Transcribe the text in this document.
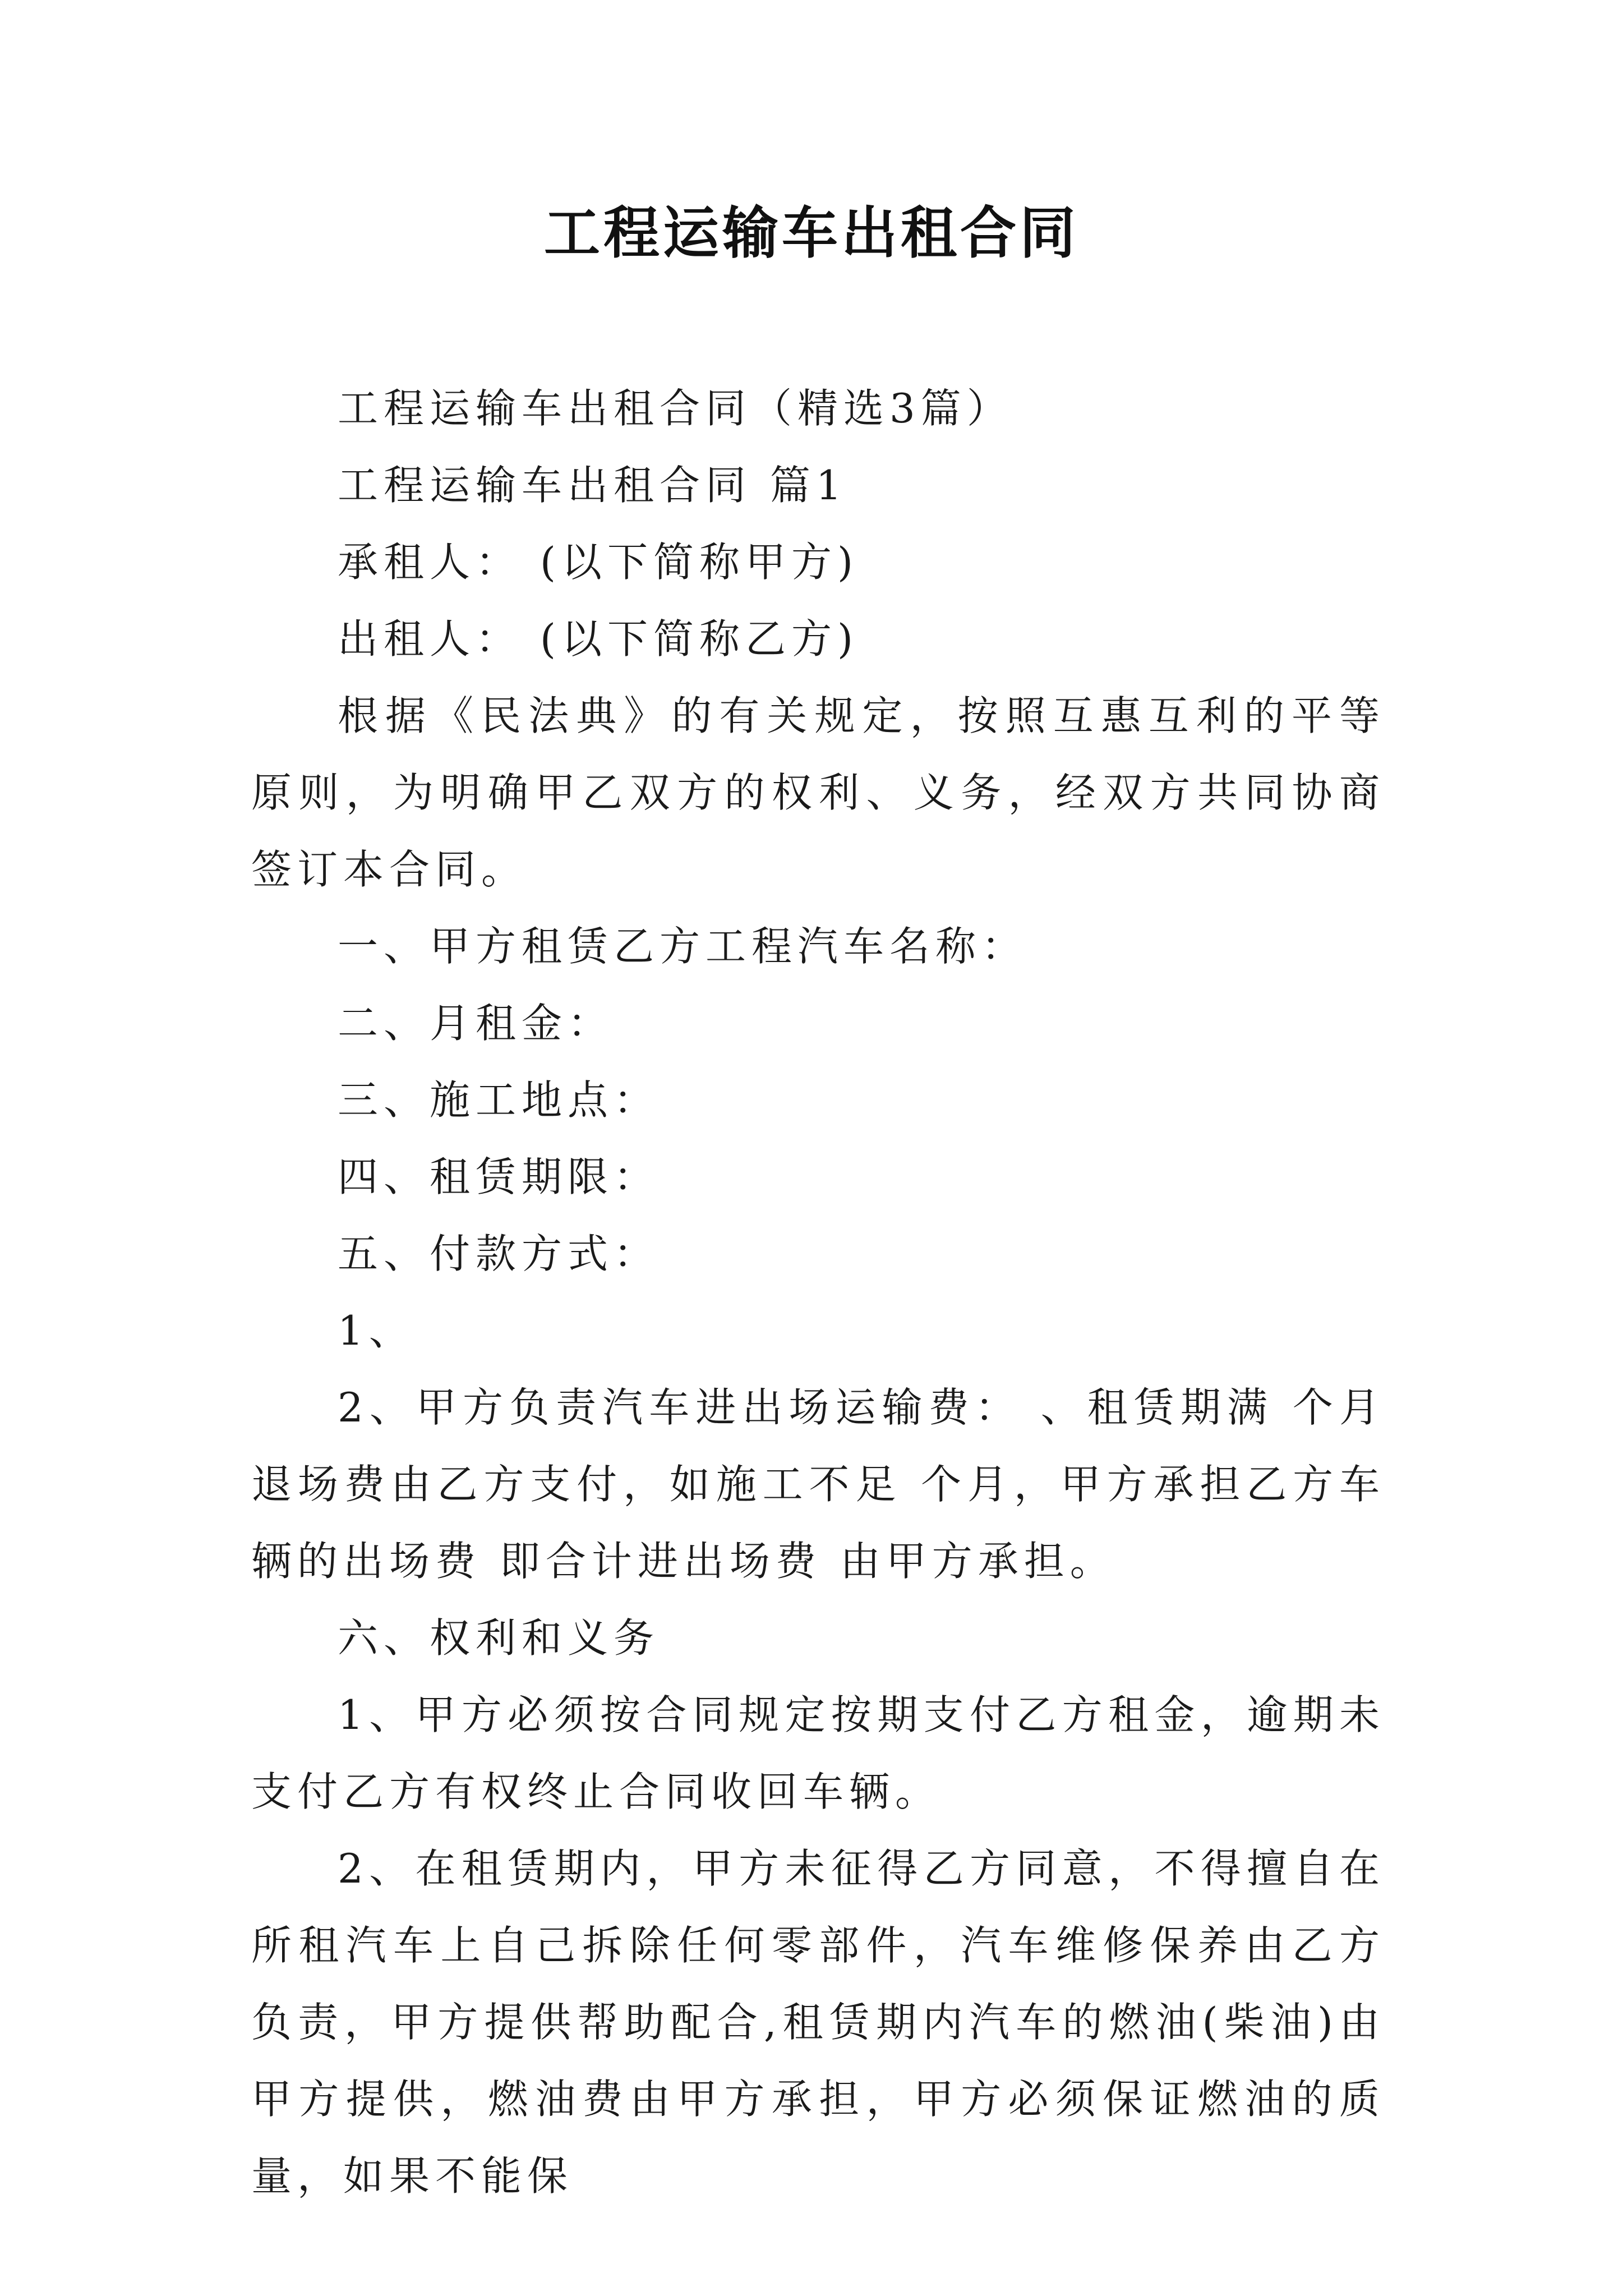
工程运输车出租合同

工程运输车出租合同（精选3篇）

工程运输车出租合同 篇1

承租人： (以下简称甲方)

出租人： (以下简称乙方)

根据《民法典》的有关规定，按照互惠互利的平等原则，为明确甲乙双方的权利、义务，经双方共同协商签订本合同。

一、甲方租赁乙方工程汽车名称：

二、月租金：

三、施工地点：

四、租赁期限：

五、付款方式：

1、

2、甲方负责汽车进出场运输费： 、租赁期满 个月退场费由乙方支付，如施工不足 个月，甲方承担乙方车辆的出场费 即合计进出场费 由甲方承担。

六、权利和义务

1、甲方必须按合同规定按期支付乙方租金，逾期未支付乙方有权终止合同收回车辆。

2、在租赁期内，甲方未征得乙方同意，不得擅自在所租汽车上自己拆除任何零部件，汽车维修保养由乙方负责，甲方提供帮助配合,租赁期内汽车的燃油(柴油)由甲方提供，燃油费由甲方承担，甲方必须保证燃油的质量，如果不能保
